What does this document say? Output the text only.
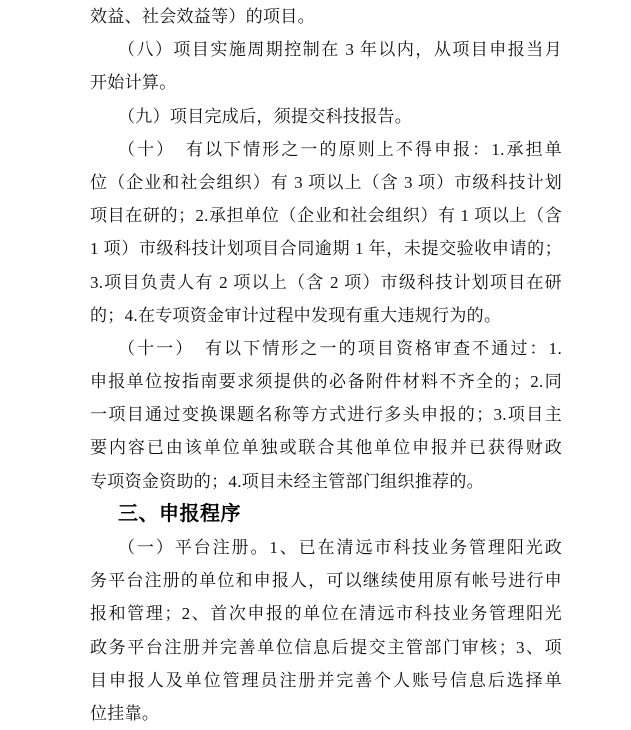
效益、社会效益等）的项目。
（八）项目实施周期控制在 3 年以内，从项目申报当月
开始计算。
（九）项目完成后，须提交科技报告。
（十）　有以下情形之一的原则上不得申报：1.承担单
位（企业和社会组织）有 3 项以上（含 3 项）市级科技计划
项目在研的；2.承担单位（企业和社会组织）有 1 项以上（含
1 项）市级科技计划项目合同逾期 1 年，未提交验收申请的；
3.项目负责人有 2 项以上（含 2 项）市级科技计划项目在研
的；4.在专项资金审计过程中发现有重大违规行为的。
（十一）　有以下情形之一的项目资格审查不通过：1.
申报单位按指南要求须提供的必备附件材料不齐全的；2.同
一项目通过变换课题名称等方式进行多头申报的；3.项目主
要内容已由该单位单独或联合其他单位申报并已获得财政
专项资金资助的；4.项目未经主管部门组织推荐的。
三、申报程序
（一）平台注册。1、已在清远市科技业务管理阳光政
务平台注册的单位和申报人，可以继续使用原有帐号进行申
报和管理；2、首次申报的单位在清远市科技业务管理阳光
政务平台注册并完善单位信息后提交主管部门审核；3、项
目申报人及单位管理员注册并完善个人账号信息后选择单
位挂靠。
